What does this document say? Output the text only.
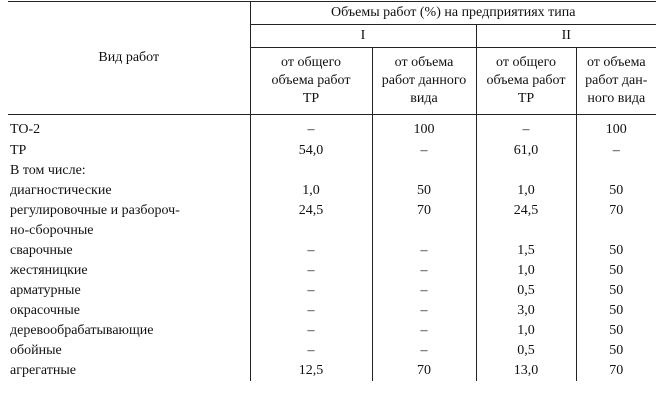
Вид работ	Объемы работ (%) на предприятиях типа			
	I		II	
	от общего
объема работ
ТР	от объема
работ данного
вида	от общего
объема работ
ТР	от объема
работ дан-
ного вида
ТО-2	–	100	–	100
ТР	54,0	–	61,0	–
В том числе:				
диагностические	1,0	50	1,0	50
регулировочные и разбороч-
но-сборочные	24,5	70	24,5	70
сварочные	–	–	1,5	50
жестяницкие	–	–	1,0	50
арматурные	–	–	0,5	50
окрасочные	–	–	3,0	50
деревообрабатывающие	–	–	1,0	50
обойные	–	–	0,5	50
агрегатные	12,5	70	13,0	70
